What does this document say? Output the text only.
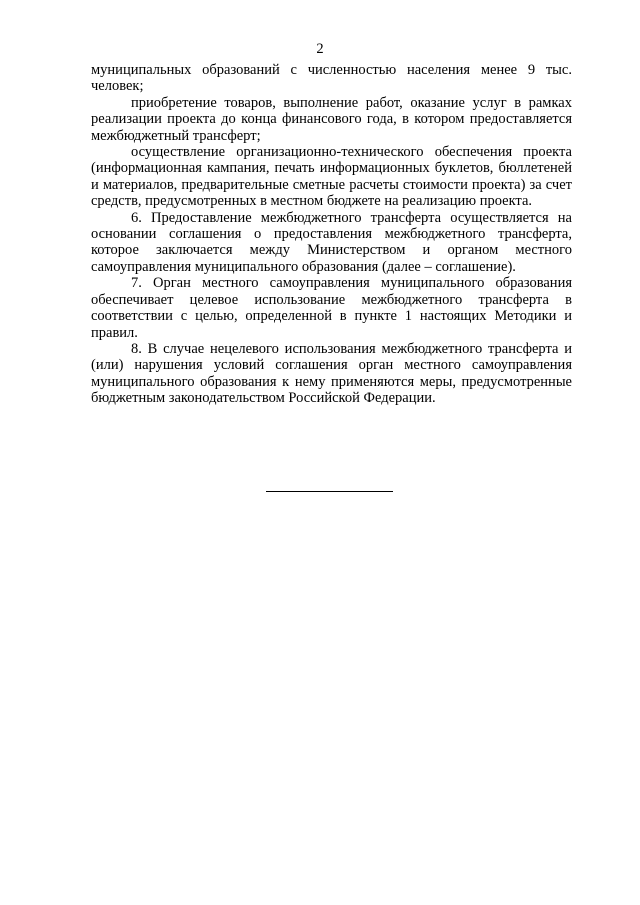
2

муниципальных образований с численностью населения менее 9 тыс. человек;

приобретение товаров, выполнение работ, оказание услуг в рамках реализации проекта до конца финансового года, в котором предоставляется межбюджетный трансферт;

осуществление организационно-технического обеспечения проекта (информационная кампания, печать информационных буклетов, бюллетеней и материалов, предварительные сметные расчеты стоимости проекта) за счет средств, предусмотренных в местном бюджете на реализацию проекта.

6. Предоставление межбюджетного трансферта осуществляется на основании соглашения о предоставления межбюджетного трансферта, которое заключается между Министерством и органом местного самоуправления муниципального образования (далее – соглашение).

7. Орган местного самоуправления муниципального образования обеспечивает целевое использование межбюджетного трансферта в соответствии с целью, определенной в пункте 1 настоящих Методики и правил.

8. В случае нецелевого использования межбюджетного трансферта и (или) нарушения условий соглашения орган местного самоуправления муниципального образования к нему применяются меры, предусмотренные бюджетным законодательством Российской Федерации.
